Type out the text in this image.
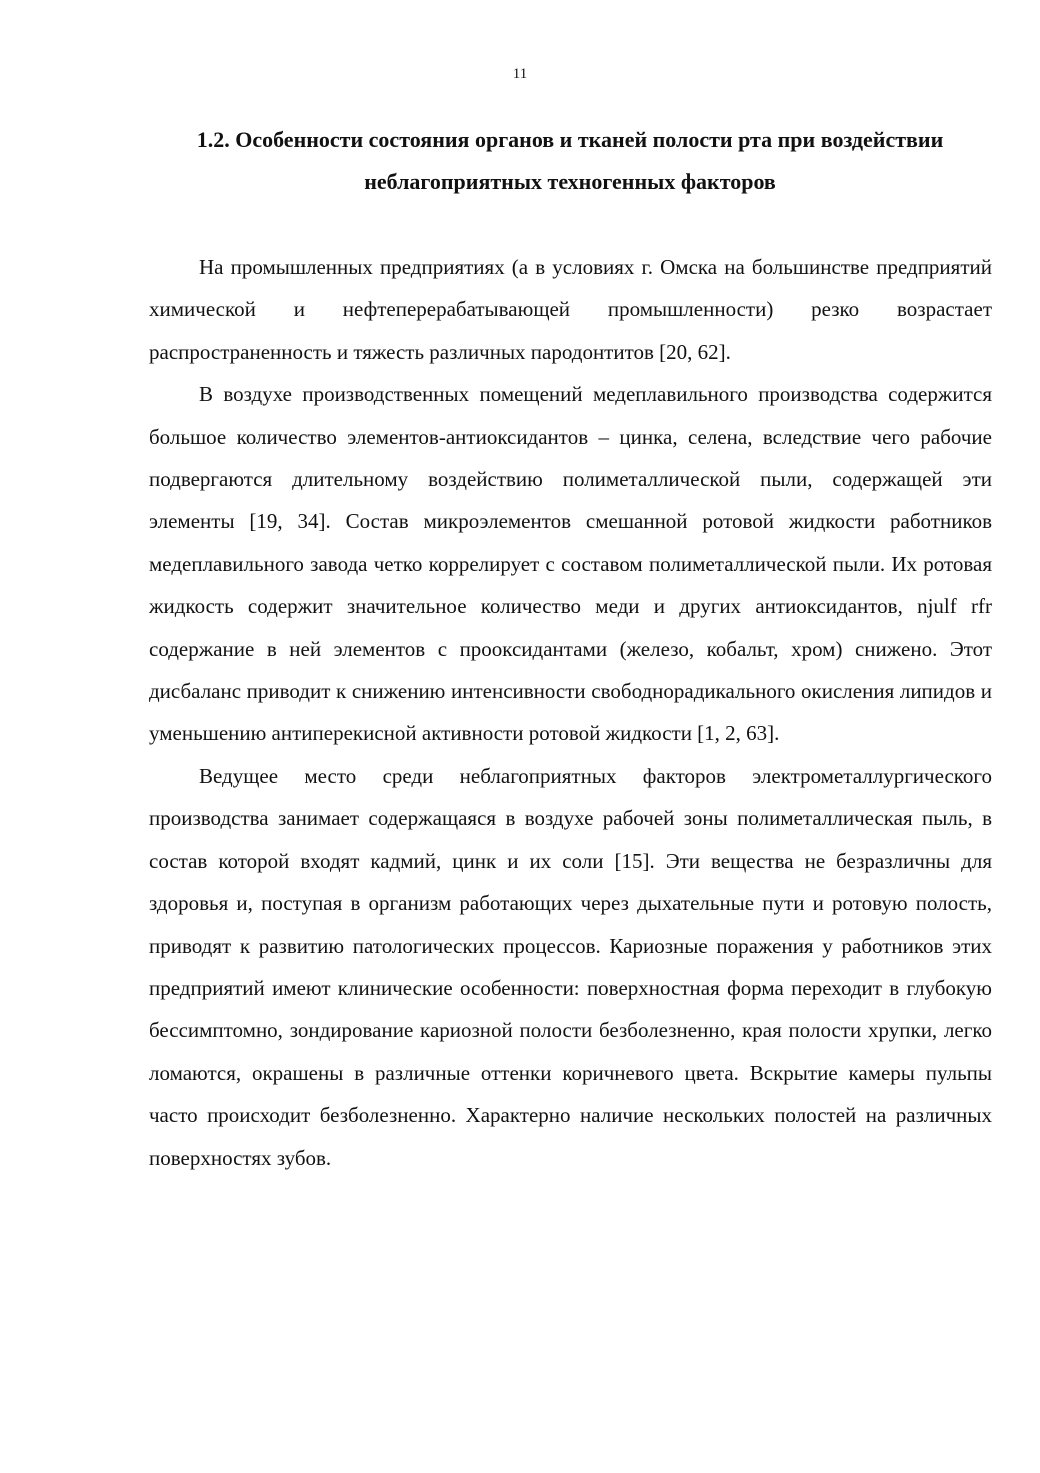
11
1.2. Особенности состояния органов и тканей полости рта при воздействии неблагоприятных техногенных факторов

На промышленных предприятиях (а в условиях г. Омска на большинстве предприятий химической и нефтеперерабатывающей промышленности) резко возрастает распространенность и тяжесть различных пародонтитов [20, 62].

В воздухе производственных помещений медеплавильного производства содержится большое количество элементов-антиоксидантов – цинка, селена, вследствие чего рабочие подвергаются длительному воздействию полиметаллической пыли, содержащей эти элементы [19, 34]. Состав микроэлементов смешанной ротовой жидкости работников медеплавильного завода четко коррелирует с составом полиметаллической пыли. Их ротовая жидкость содержит значительное количество меди и других антиоксидантов, njulf rfr содержание в ней элементов с прооксидантами (железо, кобальт, хром) снижено. Этот дисбаланс приводит к снижению интенсивности свободнорадикального окисления липидов и уменьшению антиперекисной активности ротовой жидкости [1, 2, 63].

Ведущее место среди неблагоприятных факторов электрометаллургического производства занимает содержащаяся в воздухе рабочей зоны полиметаллическая пыль, в состав которой входят кадмий, цинк и их соли [15]. Эти вещества не безразличны для здоровья и, поступая в организм работающих через дыхательные пути и ротовую полость, приводят к развитию патологических процессов. Кариозные поражения у работников этих предприятий имеют клинические особенности: поверхностная форма переходит в глубокую бессимптомно, зондирование кариозной полости безболезненно, края полости хрупки, легко ломаются, окрашены в различные оттенки коричневого цвета. Вскрытие камеры пульпы часто происходит безболезненно. Характерно наличие нескольких полостей на различных поверхностях зубов.
